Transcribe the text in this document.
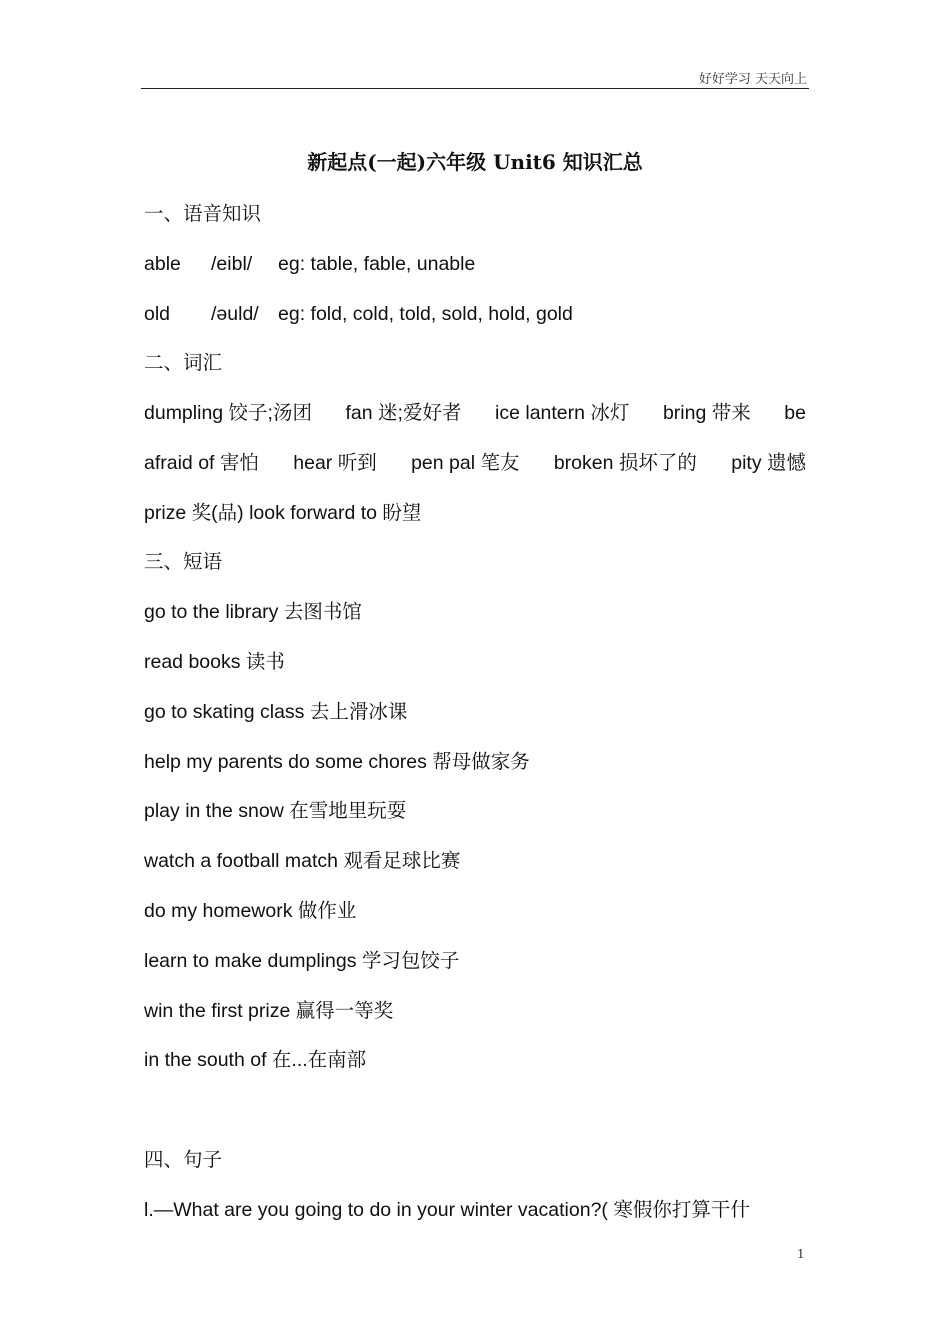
好好学习 天天向上
新起点(一起)六年级 Unit6 知识汇总
一、语音知识
able /eibl/ eg: table, fable, unable
old /əuld/ eg: fold, cold, told, sold, hold, gold
二、词汇
dumpling 饺子;汤团 fan 迷;爱好者 ice lantern 冰灯 bring 带来 be
afraid of 害怕 hear 听到 pen pal 笔友 broken 损坏了的 pity 遗憾
prize 奖(品) look forward to 盼望
三、短语
go to the library 去图书馆
read books 读书
go to skating class 去上滑冰课
help my parents do some chores 帮母做家务
play in the snow 在雪地里玩耍
watch a football match 观看足球比赛
do my homework 做作业
learn to make dumplings 学习包饺子
win the first prize 赢得一等奖
in the south of 在...在南部
四、句子
l.—What are you going to do in your winter vacation?( 寒假你打算干什
1
